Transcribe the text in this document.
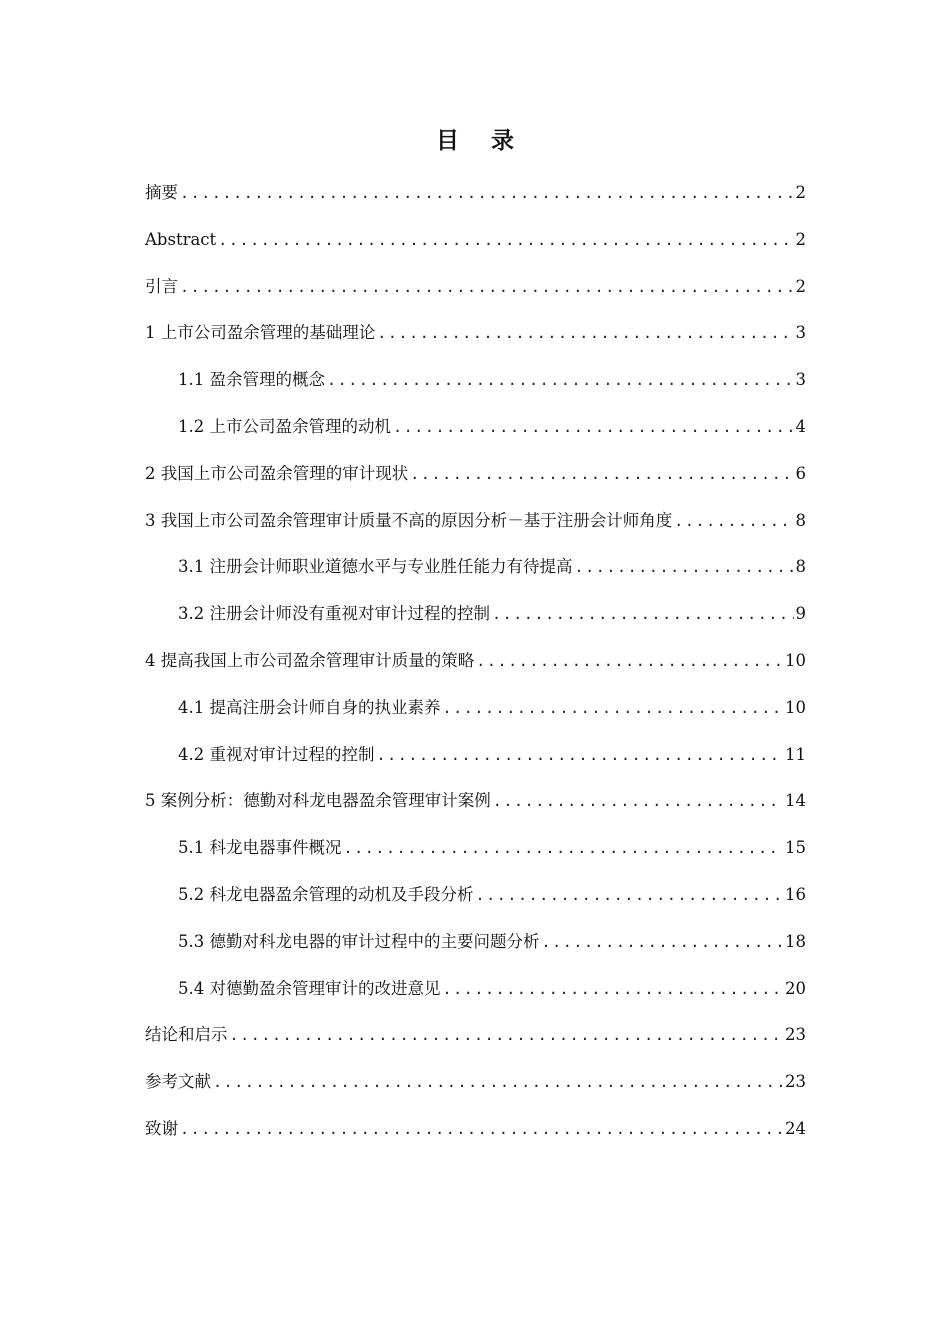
目 录
摘要 .....	2
Abstract .....	2
引言 .....	2
1 上市公司盈余管理的基础理论 .....	3
1.1 盈余管理的概念 .....	3
1.2 上市公司盈余管理的动机 .....	4
2 我国上市公司盈余管理的审计现状 .....	6
3 我国上市公司盈余管理审计质量不高的原因分析－基于注册会计师角度 .....	8
3.1 注册会计师职业道德水平与专业胜任能力有待提高 .....	8
3.2 注册会计师没有重视对审计过程的控制 .....	9
4 提高我国上市公司盈余管理审计质量的策略 .....	10
4.1 提高注册会计师自身的执业素养 .....	10
4.2 重视对审计过程的控制 .....	11
5 案例分析：德勤对科龙电器盈余管理审计案例 .....	14
5.1 科龙电器事件概况 .....	15
5.2 科龙电器盈余管理的动机及手段分析 .....	16
5.3 德勤对科龙电器的审计过程中的主要问题分析 .....	18
5.4 对德勤盈余管理审计的改进意见 .....	20
结论和启示 .....	23
参考文献 .....	23
致谢 .....	24
